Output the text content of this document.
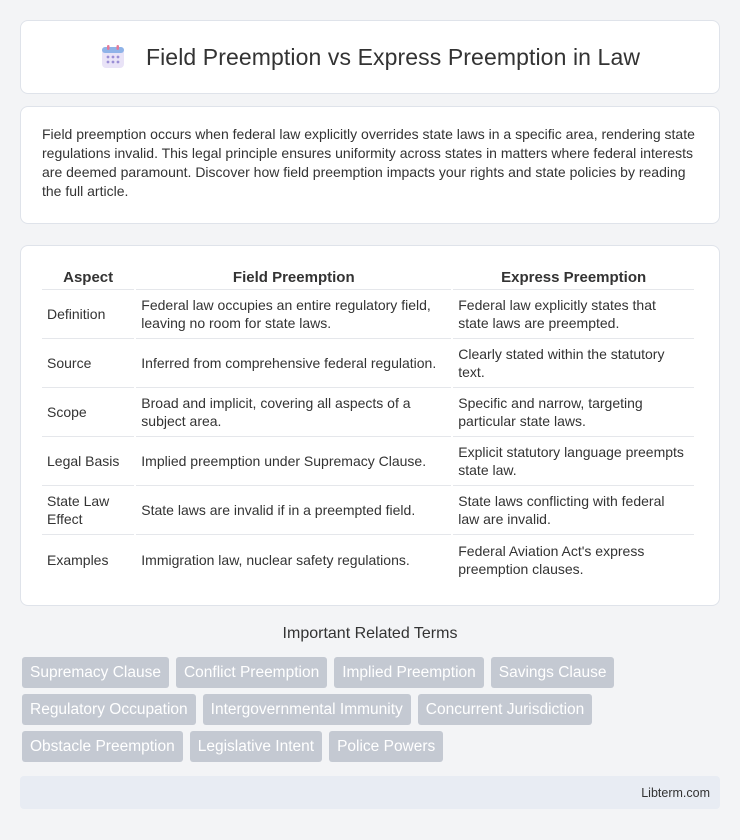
Field Preemption vs Express Preemption in Law

Field preemption occurs when federal law explicitly overrides state laws in a specific area, rendering state regulations invalid. This legal principle ensures uniformity across states in matters where federal interests are deemed paramount. Discover how field preemption impacts your rights and state policies by reading the full article.

Aspect	Field Preemption	Express Preemption
Definition	Federal law occupies an entire regulatory field, leaving no room for state laws.	Federal law explicitly states that state laws are preempted.
Source	Inferred from comprehensive federal regulation.	Clearly stated within the statutory text.
Scope	Broad and implicit, covering all aspects of a subject area.	Specific and narrow, targeting particular state laws.
Legal Basis	Implied preemption under Supremacy Clause.	Explicit statutory language preempts state law.
State Law Effect	State laws are invalid if in a preempted field.	State laws conflicting with federal law are invalid.
Examples	Immigration law, nuclear safety regulations.	Federal Aviation Act's express preemption clauses.
Important Related Terms
Supremacy Clause	Conflict Preemption	Implied Preemption	Savings Clause
Regulatory Occupation	Intergovernmental Immunity	Concurrent Jurisdiction
Obstacle Preemption	Legislative Intent	Police Powers
Libterm.com
